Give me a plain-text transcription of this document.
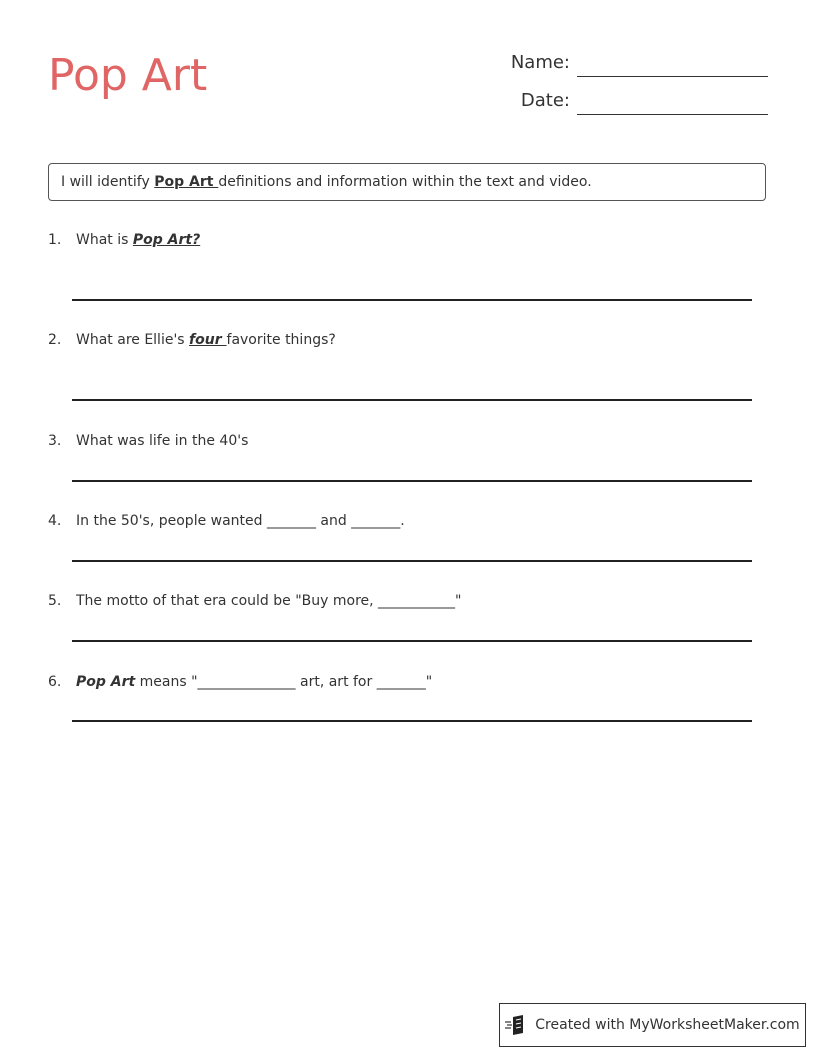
Pop Art	Name:
Date:
I will identify Pop Art definitions and information within the text and video.
1. What is Pop Art?
2. What are Ellie's four favorite things?
3. What was life in the 40's
4. In the 50's, people wanted _______ and _______.
5. The motto of that era could be "Buy more, ___________"
6. Pop Art means "______________ art, art for _______"
Created with MyWorksheetMaker.com
